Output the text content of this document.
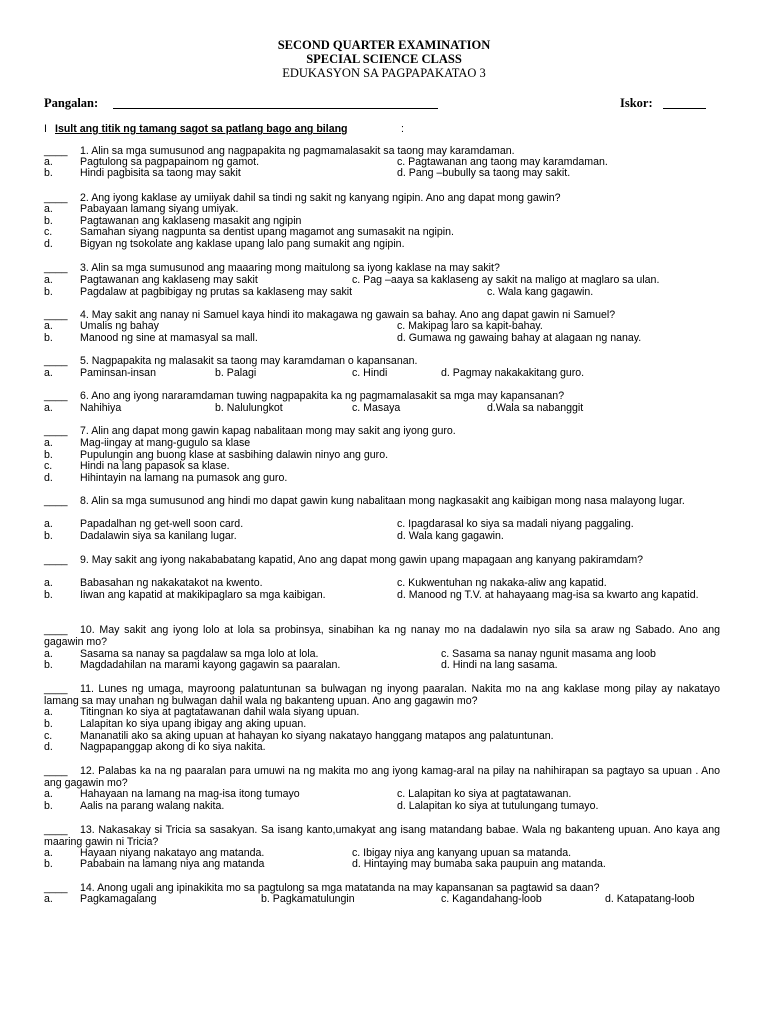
SECOND QUARTER EXAMINATION
SPECIAL SCIENCE CLASS
EDUKASYON SA PAGPAPAKATAO 3
Pangalan:	Iskor:
I Isult ang titik ng tamang sagot sa patlang bago ang bilang	:
____ 1. Alin sa mga sumusunod ang nagpapakita ng pagmamalasakit sa taong may karamdaman.
a.	Pagtulong sa pagpapainom ng gamot.	c. Pagtawanan ang taong may karamdaman.
b.	Hindi pagbisita sa taong may sakit	d. Pang –bubully sa taong may sakit.
____ 2. Ang iyong kaklase ay umiiyak dahil sa tindi ng sakit ng kanyang ngipin. Ano ang dapat mong gawin?
a.	Pabayaan lamang siyang umiyak.
b.	Pagtawanan ang kaklaseng masakit ang ngipin
c.	Samahan siyang nagpunta sa dentist upang magamot ang sumasakit na ngipin.
d.	Bigyan ng tsokolate ang kaklase upang lalo pang sumakit ang ngipin.
____ 3. Alin sa mga sumusunod ang maaaring mong maitulong sa iyong kaklase na may sakit?
a.	Pagtawanan ang kaklaseng may sakit	c. Pag –aaya sa kaklaseng ay sakit na maligo at maglaro sa ulan.
b.	Pagdalaw at pagbibigay ng prutas sa kaklaseng may sakit	c. Wala kang gagawin.
____ 4. May sakit ang nanay ni Samuel kaya hindi ito makagawa ng gawain sa bahay. Ano ang dapat gawin ni Samuel?
a.	Umalis ng bahay	c. Makipag laro sa kapit-bahay.
b.	Manood ng sine at mamasyal sa mall.	d. Gumawa ng gawaing bahay at alagaan ng nanay.
____ 5. Nagpapakita ng malasakit sa taong may karamdaman o kapansanan.
a.	Paminsan-insan	b. Palagi	c. Hindi	d. Pagmay nakakakitang guro.
____ 6. Ano ang iyong nararamdaman tuwing nagpapakita ka ng pagmamalasakit sa mga may kapansanan?
a.	Nahihiya	b. Nalulungkot	c. Masaya	d.Wala sa nabanggit
____ 7. Alin ang dapat mong gawin kapag nabalitaan mong may sakit ang iyong guro.
a.	Mag-iingay at mang-gugulo sa klase
b.	Pupulungin ang buong klase at sasbihing dalawin ninyo ang guro.
c.	Hindi na lang papasok sa klase.
d.	Hihintayin na lamang na pumasok ang guro.
____	8. Alin sa mga sumusunod ang hindi mo dapat gawin kung nabalitaan mong nagkasakit ang kaibigan mong nasa malayong lugar.
a.	Papadalhan ng get-well soon card.	c. Ipagdarasal ko siya sa madali niyang paggaling.
b.	Dadalawin siya sa kanilang lugar.	d. Wala kang gagawin.
____	9. May sakit ang iyong nakababatang kapatid, Ano ang dapat mong gawin upang mapagaan ang kanyang pakiramdam?
a.	Babasahan ng nakakatakot na kwento.	c. Kukwentuhan ng nakaka-aliw ang kapatid.
b.	Iiwan ang kapatid at makikipaglaro sa mga kaibigan.	d. Manood ng T.V. at hahayaang mag-isa sa kwarto ang kapatid.
____	10. May sakit ang iyong lolo at lola sa probinsya, sinabihan ka ng nanay mo na dadalawin nyo sila sa araw ng Sabado. Ano ang gagawin mo?
a.	Sasama sa nanay sa pagdalaw sa mga lolo at lola.	c. Sasama sa nanay ngunit masama ang loob
b.	Magdadahilan na marami kayong gagawin sa paaralan.	d. Hindi na lang sasama.
____	11. Lunes ng umaga, mayroong palatuntunan sa bulwagan ng inyong paaralan. Nakita mo na ang kaklase mong pilay ay nakatayo lamang sa may unahan ng bulwagan dahil wala ng bakanteng upuan. Ano ang gagawin mo?
a.	Titingnan ko siya at pagtatawanan dahil wala siyang upuan.
b.	Lalapitan ko siya upang ibigay ang aking upuan.
c.	Mananatili ako sa aking upuan at hahayan ko siyang nakatayo hanggang matapos ang palatuntunan.
d.	Nagpapanggap akong di ko siya nakita.
____	12. Palabas ka na ng paaralan para umuwi na ng makita mo ang iyong kamag-aral na pilay na nahihirapan sa pagtayo sa upuan . Ano ang gagawin mo?
a.	Hahayaan na lamang na mag-isa itong tumayo	c. Lalapitan ko siya at pagtatawanan.
b.	Aalis na parang walang nakita.	d. Lalapitan ko siya at tutulungang tumayo.
____	13. Nakasakay si Tricia sa sasakyan. Sa isang kanto,umakyat ang isang matandang babae. Wala ng bakanteng upuan. Ano kaya ang maaring gawin ni Tricia?
a.	Hayaan niyang nakatayo ang matanda.	c. Ibigay niya ang kanyang upuan sa matanda.
b.	Pababain na lamang niya ang matanda	d. Hintaying may bumaba saka paupuin ang matanda.
____ 14. Anong ugali ang ipinakikita mo sa pagtulong sa mga matatanda na may kapansanan sa pagtawid sa daan?
a.	Pagkamagalang	b. Pagkamatulungin	c. Kagandahang-loob	d. Katapatang-loob
